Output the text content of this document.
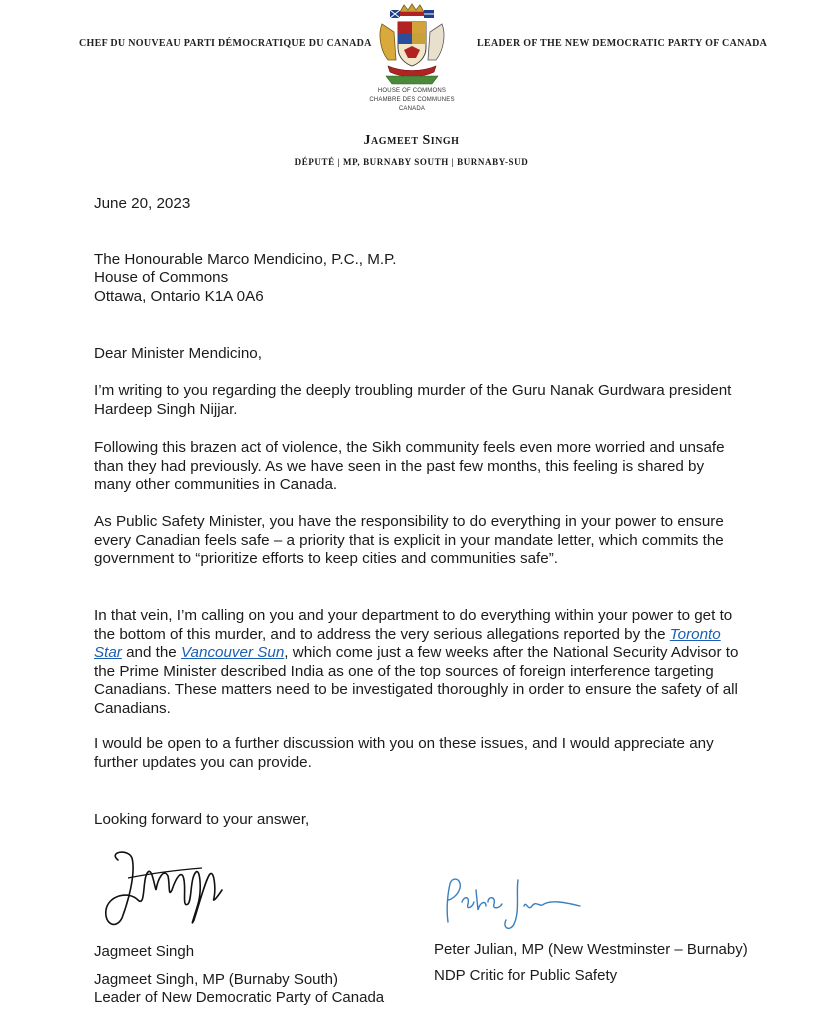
CHEF DU NOUVEAU PARTI DÉMOCRATIQUE DU CANADA	LEADER OF THE NEW DEMOCRATIC PARTY OF CANADA
HOUSE OF COMMONS
CHAMBRE DES COMMUNES
CANADA
Jagmeet Singh
DÉPUTÉ | MP, BURNABY SOUTH | BURNABY-SUD
June 20, 2023
The Honourable Marco Mendicino, P.C., M.P.
House of Commons
Ottawa, Ontario K1A 0A6
Dear Minister Mendicino,

I’m writing to you regarding the deeply troubling murder of the Guru Nanak Gurdwara president Hardeep Singh Nijjar.

Following this brazen act of violence, the Sikh community feels even more worried and unsafe than they had previously. As we have seen in the past few months, this feeling is shared by many other communities in Canada.

As Public Safety Minister, you have the responsibility to do everything in your power to ensure every Canadian feels safe – a priority that is explicit in your mandate letter, which commits the government to “prioritize efforts to keep cities and communities safe”.

In that vein, I’m calling on you and your department to do everything within your power to get to the bottom of this murder, and to address the very serious allegations reported by the Toronto Star and the Vancouver Sun, which come just a few weeks after the National Security Advisor to the Prime Minister described India as one of the top sources of foreign interference targeting Canadians. These matters need to be investigated thoroughly in order to ensure the safety of all Canadians.

I would be open to a further discussion with you on these issues, and I would appreciate any further updates you can provide.

Looking forward to your answer,
Jagmeet Singh
Jagmeet Singh, MP (Burnaby South)
Leader of New Democratic Party of Canada
Peter Julian, MP (New Westminster – Burnaby)
NDP Critic for Public Safety
